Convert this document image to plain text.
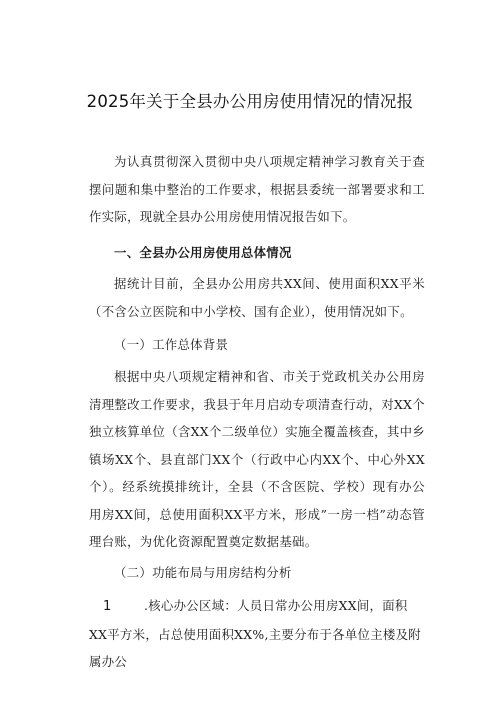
2025年关于全县办公用房使用情况的情况报
为认真贯彻深入贯彻中央八项规定精神学习教育关于查摆问题和集中整治的工作要求，根据县委统一部署要求和工作实际，现就全县办公用房使用情况报告如下。
一、全县办公用房使用总体情况
据统计目前，全县办公用房共XX间、使用面积XX平米（不含公立医院和中小学校、国有企业），使用情况如下。
（一）工作总体背景
根据中央八项规定精神和省、市关于党政机关办公用房清理整改工作要求，我县于年月启动专项清查行动，对XX个独立核算单位（含XX个二级单位）实施全覆盖核查，其中乡镇场XX个、县直部门XX个（行政中心内XX个、中心外XX个）。经系统摸排统计，全县（不含医院、学校）现有办公用房XX间，总使用面积XX平方米，形成”一房一档”动态管理台账，为优化资源配置奠定数据基础。
（二）功能布局与用房结构分析
1	.核心办公区域：人员日常办公用房XX间，面积XX平方米，占总使用面积XX%,主要分布于各单位主楼及附属办公
